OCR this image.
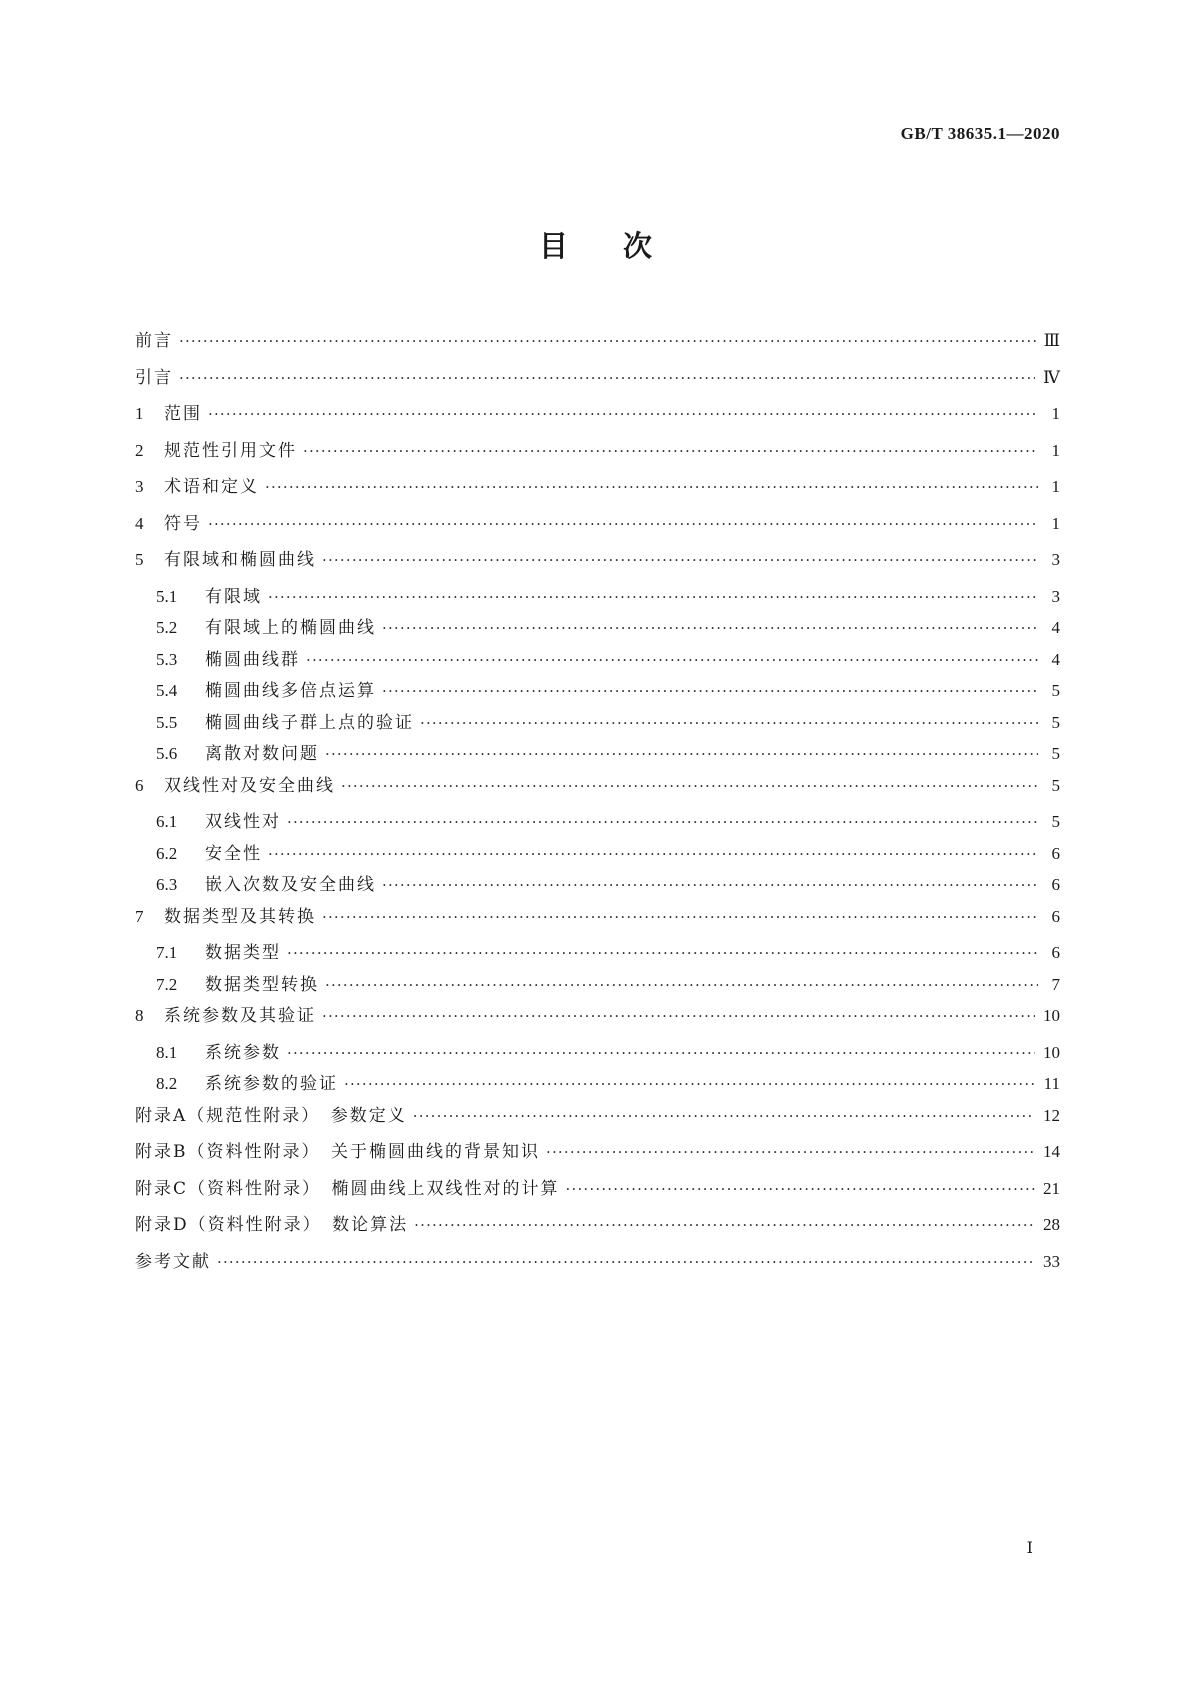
GB/T 38635.1—2020
目次
前言 ·····	Ⅲ
引言 ·····	Ⅳ
1	范围 ·····	1
2	规范性引用文件 ·····	1
3	术语和定义 ·····	1
4	符号 ·····	1
5	有限域和椭圆曲线 ·····	3
5.1	有限域 ·····	3
5.2	有限域上的椭圆曲线 ·····	4
5.3	椭圆曲线群 ·····	4
5.4	椭圆曲线多倍点运算 ·····	5
5.5	椭圆曲线子群上点的验证 ·····	5
5.6	离散对数问题 ·····	5
6	双线性对及安全曲线 ·····	5
6.1	双线性对 ·····	5
6.2	安全性 ·····	6
6.3	嵌入次数及安全曲线 ·····	6
7	数据类型及其转换 ·····	6
7.1	数据类型 ·····	6
7.2	数据类型转换 ·····	7
8	系统参数及其验证 ·····	10
8.1	系统参数 ·····	10
8.2	系统参数的验证 ·····	11
附录A（规范性附录）　参数定义 ·····	12
附录B（资料性附录）　关于椭圆曲线的背景知识 ·····	14
附录C（资料性附录）　椭圆曲线上双线性对的计算 ·····	21
附录D（资料性附录）　数论算法 ·····	28
参考文献 ·····	33
Ⅰ
